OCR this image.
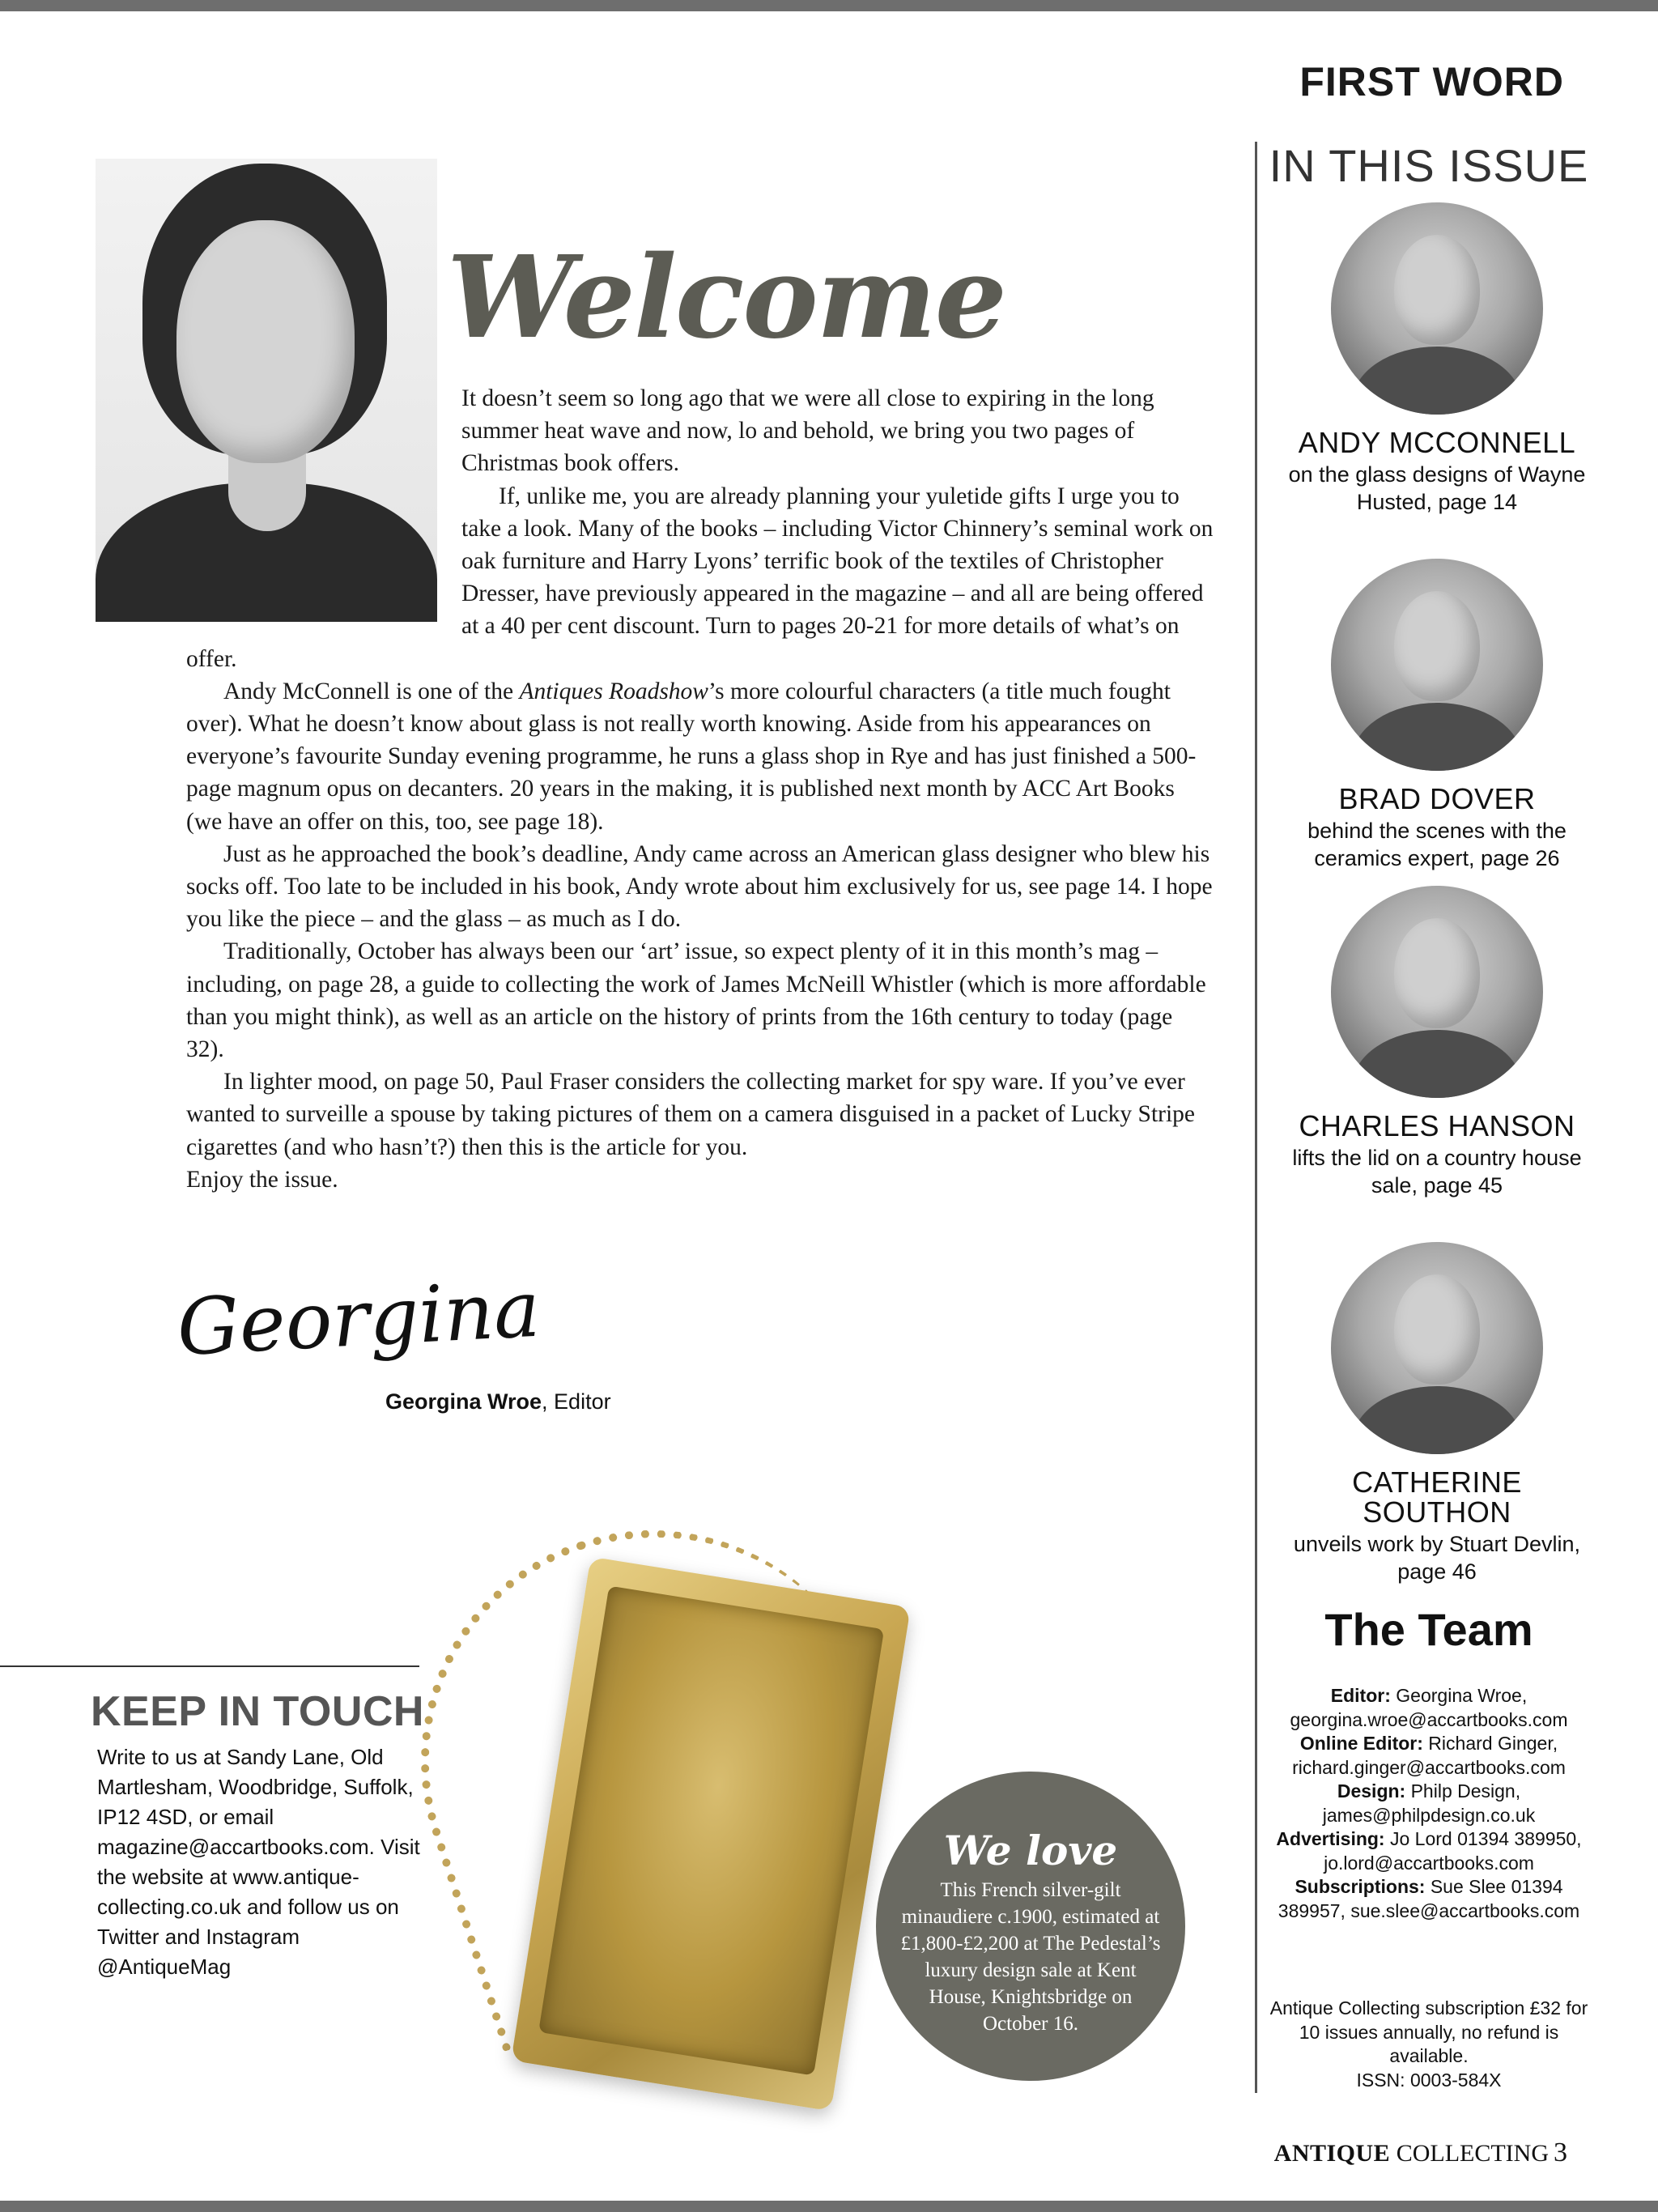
FIRST WORD
IN THIS ISSUE
ANDY MCCONNELL
on the glass designs of Wayne Husted, page 14
BRAD DOVER
behind the scenes with the ceramics expert, page 26
CHARLES HANSON
lifts the lid on a country house sale, page 45
CATHERINE SOUTHON
unveils work by Stuart Devlin, page 46
The Team
Editor: Georgina Wroe, georgina.wroe@accartbooks.com
Online Editor: Richard Ginger, richard.ginger@accartbooks.com
Design: Philp Design, james@philpdesign.co.uk
Advertising: Jo Lord 01394 389950, jo.lord@accartbooks.com
Subscriptions: Sue Slee 01394 389957, sue.slee@accartbooks.com
Antique Collecting subscription £32 for 10 issues annually, no refund is available.
ISSN: 0003-584X
Welcome

It doesn’t seem so long ago that we were all close to expiring in the long summer heat wave and now, lo and behold, we bring you two pages of Christmas book offers.

If, unlike me, you are already planning your yuletide gifts I urge you to take a look. Many of the books – including Victor Chinnery’s seminal work on oak furniture and Harry Lyons’ terrific book of the textiles of Christopher Dresser, have previously appeared in the magazine – and all are being offered at a 40 per cent discount. Turn to pages 20-21 for more details of what’s on offer.

Andy McConnell is one of the Antiques Roadshow’s more colourful characters (a title much fought over). What he doesn’t know about glass is not really worth knowing. Aside from his appearances on everyone’s favourite Sunday evening programme, he runs a glass shop in Rye and has just finished a 500-page magnum opus on decanters. 20 years in the making, it is published next month by ACC Art Books (we have an offer on this, too, see page 18).

Just as he approached the book’s deadline, Andy came across an American glass designer who blew his socks off. Too late to be included in his book, Andy wrote about him exclusively for us, see page 14. I hope you like the piece – and the glass – as much as I do.

Traditionally, October has always been our ‘art’ issue, so expect plenty of it in this month’s mag – including, on page 28, a guide to collecting the work of James McNeill Whistler (which is more affordable than you might think), as well as an article on the history of prints from the 16th century to today (page 32).

In lighter mood, on page 50, Paul Fraser considers the collecting market for spy ware. If you’ve ever wanted to surveille a spouse by taking pictures of them on a camera disguised in a packet of Lucky Stripe cigarettes (and who hasn’t?) then this is the article for you.

Enjoy the issue.

Georgina
Georgina Wroe, Editor
KEEP IN TOUCH
Write to us at Sandy Lane, Old Martlesham, Woodbridge, Suffolk, IP12 4SD, or email magazine@accartbooks.com. Visit the website at www.antique-collecting.co.uk and follow us on Twitter and Instagram @AntiqueMag
We love
This French silver-gilt minaudiere c.1900, estimated at £1,800-£2,200 at The Pedestal’s luxury design sale at Kent House, Knightsbridge on October 16.
ANTIQUE COLLECTING 3
